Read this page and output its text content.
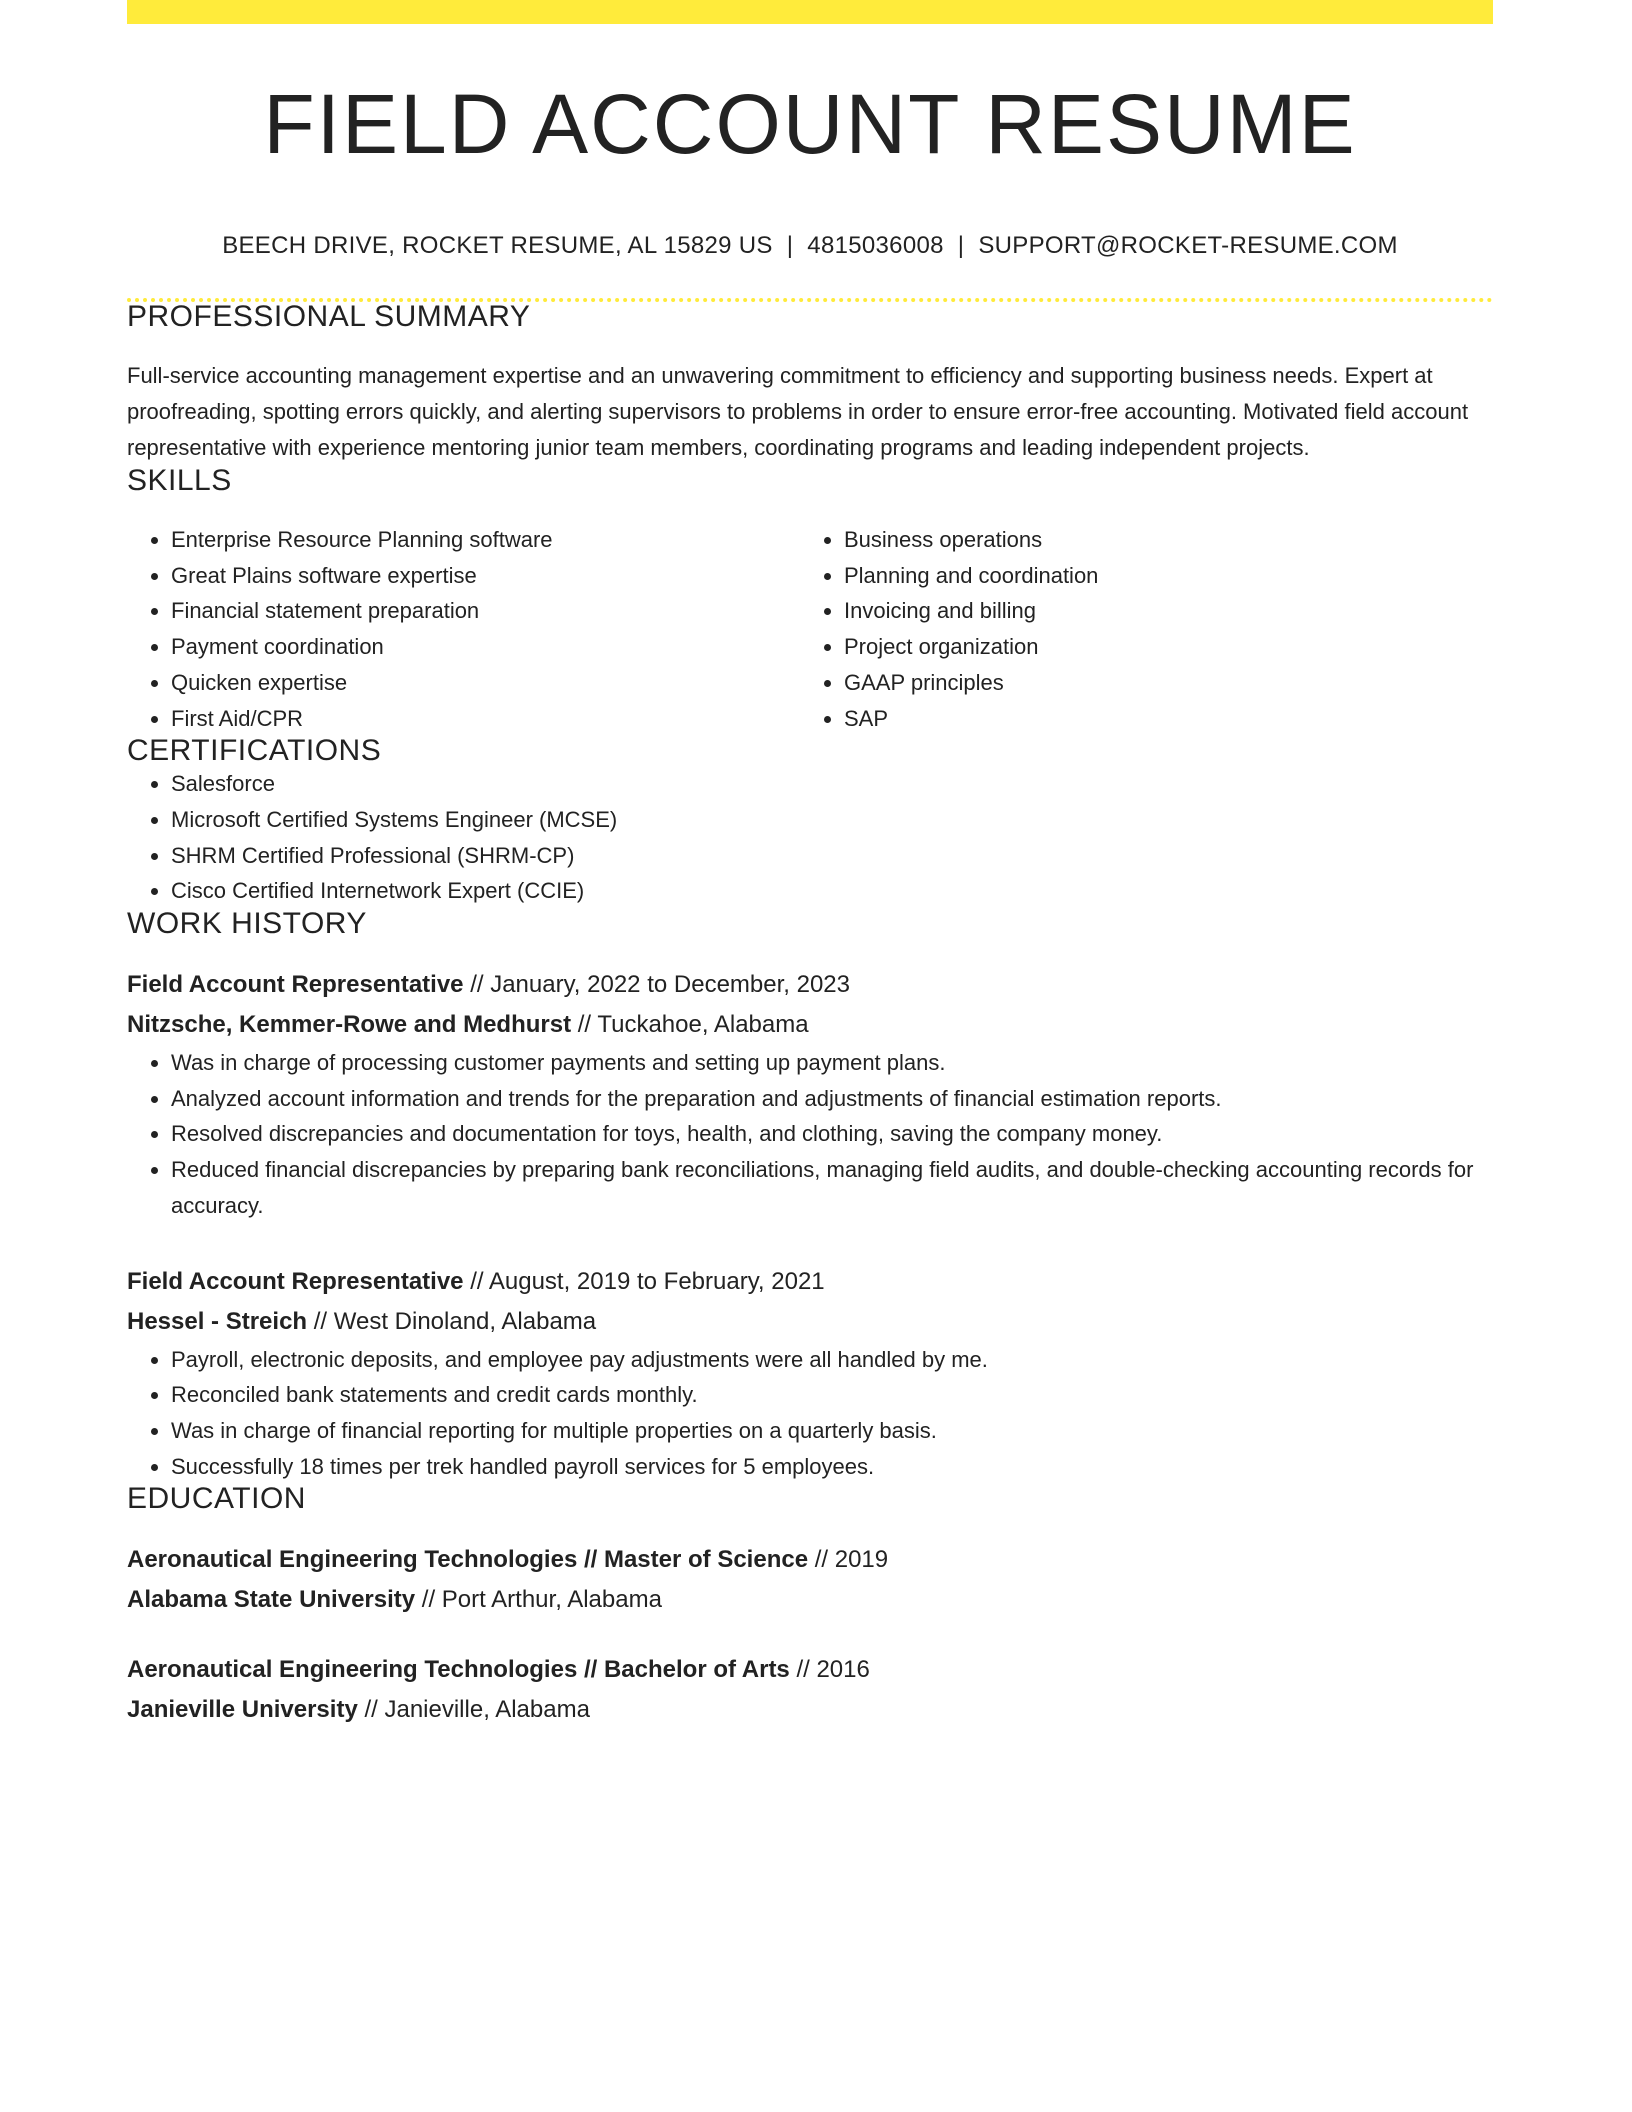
FIELD ACCOUNT RESUME
BEECH DRIVE, ROCKET RESUME, AL 15829 US | 4815036008 | SUPPORT@ROCKET-RESUME.COM
PROFESSIONAL SUMMARY
Full-service accounting management expertise and an unwavering commitment to efficiency and supporting business needs. Expert at proofreading, spotting errors quickly, and alerting supervisors to problems in order to ensure error-free accounting. Motivated field account representative with experience mentoring junior team members, coordinating programs and leading independent projects.
SKILLS
• Enterprise Resource Planning software
• Great Plains software expertise
• Financial statement preparation
• Payment coordination
• Quicken expertise
• First Aid/CPR
• Business operations
• Planning and coordination
• Invoicing and billing
• Project organization
• GAAP principles
• SAP
CERTIFICATIONS
• Salesforce
• Microsoft Certified Systems Engineer (MCSE)
• SHRM Certified Professional (SHRM-CP)
• Cisco Certified Internetwork Expert (CCIE)
WORK HISTORY
Field Account Representative // January, 2022 to December, 2023
Nitzsche, Kemmer-Rowe and Medhurst // Tuckahoe, Alabama
• Was in charge of processing customer payments and setting up payment plans.
• Analyzed account information and trends for the preparation and adjustments of financial estimation reports.
• Resolved discrepancies and documentation for toys, health, and clothing, saving the company money.
• Reduced financial discrepancies by preparing bank reconciliations, managing field audits, and double-checking accounting records for accuracy.
Field Account Representative // August, 2019 to February, 2021
Hessel - Streich // West Dinoland, Alabama
• Payroll, electronic deposits, and employee pay adjustments were all handled by me.
• Reconciled bank statements and credit cards monthly.
• Was in charge of financial reporting for multiple properties on a quarterly basis.
• Successfully 18 times per trek handled payroll services for 5 employees.
EDUCATION
Aeronautical Engineering Technologies // Master of Science // 2019
Alabama State University // Port Arthur, Alabama
Aeronautical Engineering Technologies // Bachelor of Arts // 2016
Janieville University // Janieville, Alabama
